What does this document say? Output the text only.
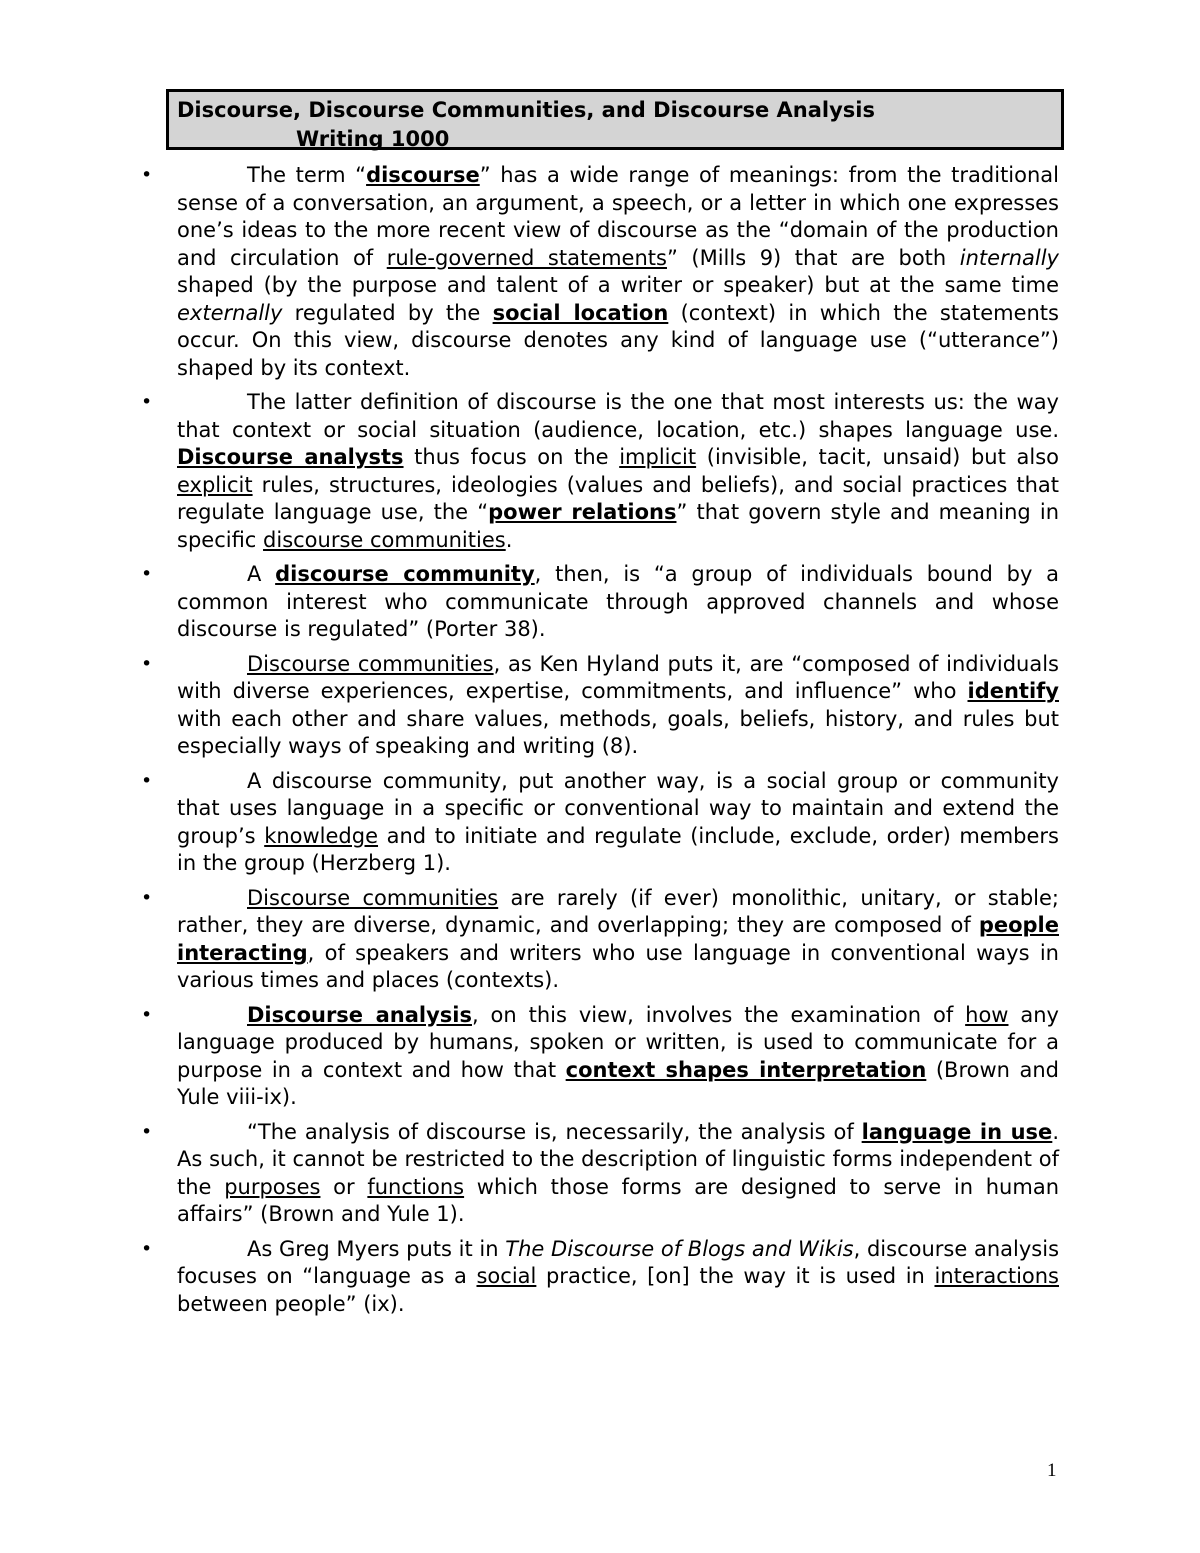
Discourse, Discourse Communities, and Discourse Analysis
Writing 1000
•	The term “discourse” has a wide range of meanings: from the traditional sense of a conversation, an argument, a speech, or a letter in which one expresses one’s ideas to the more recent view of discourse as the “domain of the production and circulation of rule-governed statements” (Mills 9) that are both internally shaped (by the purpose and talent of a writer or speaker) but at the same time externally regulated by the social location (context) in which the statements occur. On this view, discourse denotes any kind of language use (“utterance”) shaped by its context.
•	The latter definition of discourse is the one that most interests us: the way that context or social situation (audience, location, etc.) shapes language use. Discourse analysts thus focus on the implicit (invisible, tacit, unsaid) but also explicit rules, structures, ideologies (values and beliefs), and social practices that regulate language use, the “power relations” that govern style and meaning in specific discourse communities.
•	A discourse community, then, is “a group of individuals bound by a common interest who communicate through approved channels and whose discourse is regulated” (Porter 38).
•	Discourse communities, as Ken Hyland puts it, are “composed of individuals with diverse experiences, expertise, commitments, and influence” who identify with each other and share values, methods, goals, beliefs, history, and rules but especially ways of speaking and writing (8).
•	A discourse community, put another way, is a social group or community that uses language in a specific or conventional way to maintain and extend the group’s knowledge and to initiate and regulate (include, exclude, order) members in the group (Herzberg 1).
•	Discourse communities are rarely (if ever) monolithic, unitary, or stable; rather, they are diverse, dynamic, and overlapping; they are composed of people interacting, of speakers and writers who use language in conventional ways in various times and places (contexts).
•	Discourse analysis, on this view, involves the examination of how any language produced by humans, spoken or written, is used to communicate for a purpose in a context and how that context shapes interpretation (Brown and Yule viii-ix).
•	“The analysis of discourse is, necessarily, the analysis of language in use. As such, it cannot be restricted to the description of linguistic forms independent of the purposes or functions which those forms are designed to serve in human affairs” (Brown and Yule 1).
•	As Greg Myers puts it in The Discourse of Blogs and Wikis, discourse analysis focuses on “language as a social practice, [on] the way it is used in interactions between people” (ix).
1
